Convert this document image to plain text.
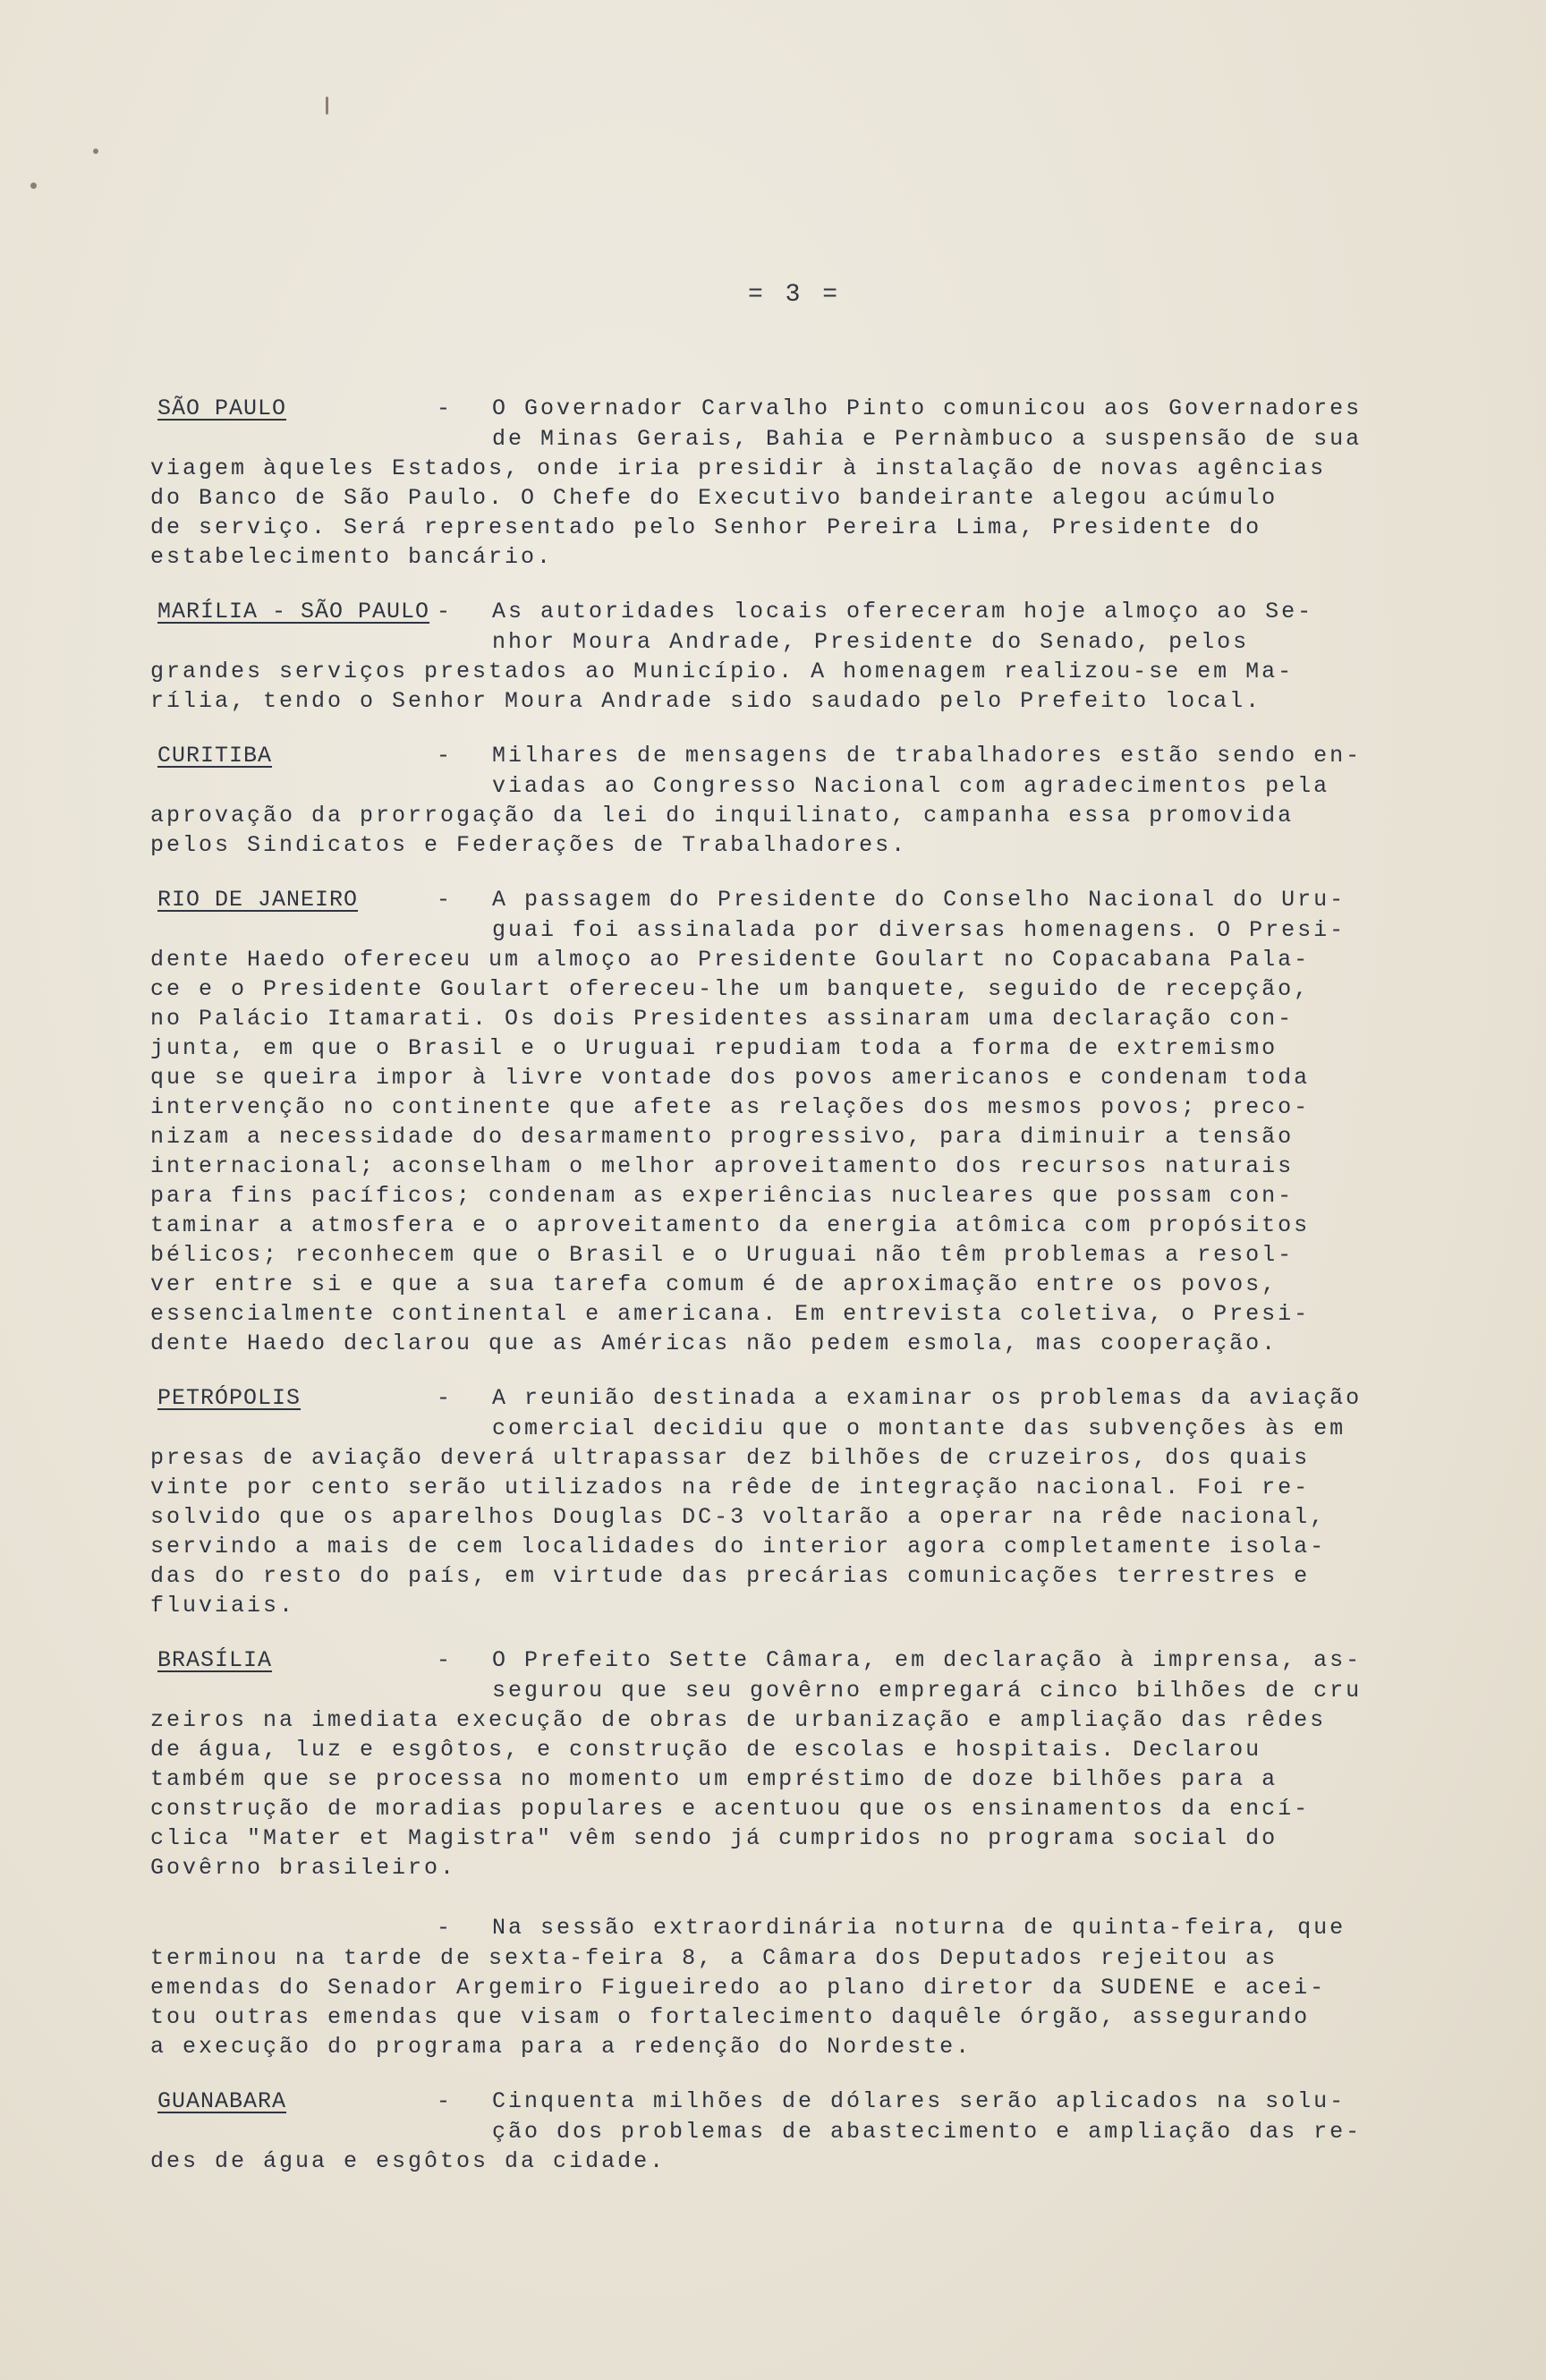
= 3 =
SÃO PAULO	- O Governador Carvalho Pinto comunicou aos Governadores
de Minas Gerais, Bahia e Pernàmbuco a suspensão de sua
viagem àqueles Estados, onde iria presidir à instalação de novas agências
do Banco de São Paulo. O Chefe do Executivo bandeirante alegou acúmulo
de serviço. Será representado pelo Senhor Pereira Lima, Presidente do
estabelecimento bancário.
MARÍLIA - SÃO PAULO - As autoridades locais ofereceram hoje almoço ao Se-
nhor Moura Andrade, Presidente do Senado, pelos
grandes serviços prestados ao Município. A homenagem realizou-se em Ma-
rília, tendo o Senhor Moura Andrade sido saudado pelo Prefeito local.
CURITIBA	- Milhares de mensagens de trabalhadores estão sendo en-
viadas ao Congresso Nacional com agradecimentos pela
aprovação da prorrogação da lei do inquilinato, campanha essa promovida
pelos Sindicatos e Federações de Trabalhadores.
RIO DE JANEIRO	- A passagem do Presidente do Conselho Nacional do Uru-
guai foi assinalada por diversas homenagens. O Presi-
dente Haedo ofereceu um almoço ao Presidente Goulart no Copacabana Pala-
ce e o Presidente Goulart ofereceu-lhe um banquete, seguido de recepção,
no Palácio Itamarati. Os dois Presidentes assinaram uma declaração con-
junta, em que o Brasil e o Uruguai repudiam toda a forma de extremismo
que se queira impor à livre vontade dos povos americanos e condenam toda
intervenção no continente que afete as relações dos mesmos povos; preco-
nizam a necessidade do desarmamento progressivo, para diminuir a tensão
internacional; aconselham o melhor aproveitamento dos recursos naturais
para fins pacíficos; condenam as experiências nucleares que possam con-
taminar a atmosfera e o aproveitamento da energia atômica com propósitos
bélicos; reconhecem que o Brasil e o Uruguai não têm problemas a resol-
ver entre si e que a sua tarefa comum é de aproximação entre os povos,
essencialmente continental e americana. Em entrevista coletiva, o Presi-
dente Haedo declarou que as Américas não pedem esmola, mas cooperação.
PETRÓPOLIS	- A reunião destinada a examinar os problemas da aviação
comercial decidiu que o montante das subvenções às em
presas de aviação deverá ultrapassar dez bilhões de cruzeiros, dos quais
vinte por cento serão utilizados na rêde de integração nacional. Foi re-
solvido que os aparelhos Douglas DC-3 voltarão a operar na rêde nacional,
servindo a mais de cem localidades do interior agora completamente isola-
das do resto do país, em virtude das precárias comunicações terrestres e
fluviais.
BRASÍLIA	- O Prefeito Sette Câmara, em declaração à imprensa, as-
segurou que seu govêrno empregará cinco bilhões de cru
zeiros na imediata execução de obras de urbanização e ampliação das rêdes
de água, luz e esgôtos, e construção de escolas e hospitais. Declarou
também que se processa no momento um empréstimo de doze bilhões para a
construção de moradias populares e acentuou que os ensinamentos da encí-
clica "Mater et Magistra" vêm sendo já cumpridos no programa social do
Govêrno brasileiro.
- Na sessão extraordinária noturna de quinta-feira, que
terminou na tarde de sexta-feira 8, a Câmara dos Deputados rejeitou as
emendas do Senador Argemiro Figueiredo ao plano diretor da SUDENE e acei-
tou outras emendas que visam o fortalecimento daquêle órgão, assegurando
a execução do programa para a redenção do Nordeste.
GUANABARA	- Cinquenta milhões de dólares serão aplicados na solu-
ção dos problemas de abastecimento e ampliação das re-
des de água e esgôtos da cidade.
